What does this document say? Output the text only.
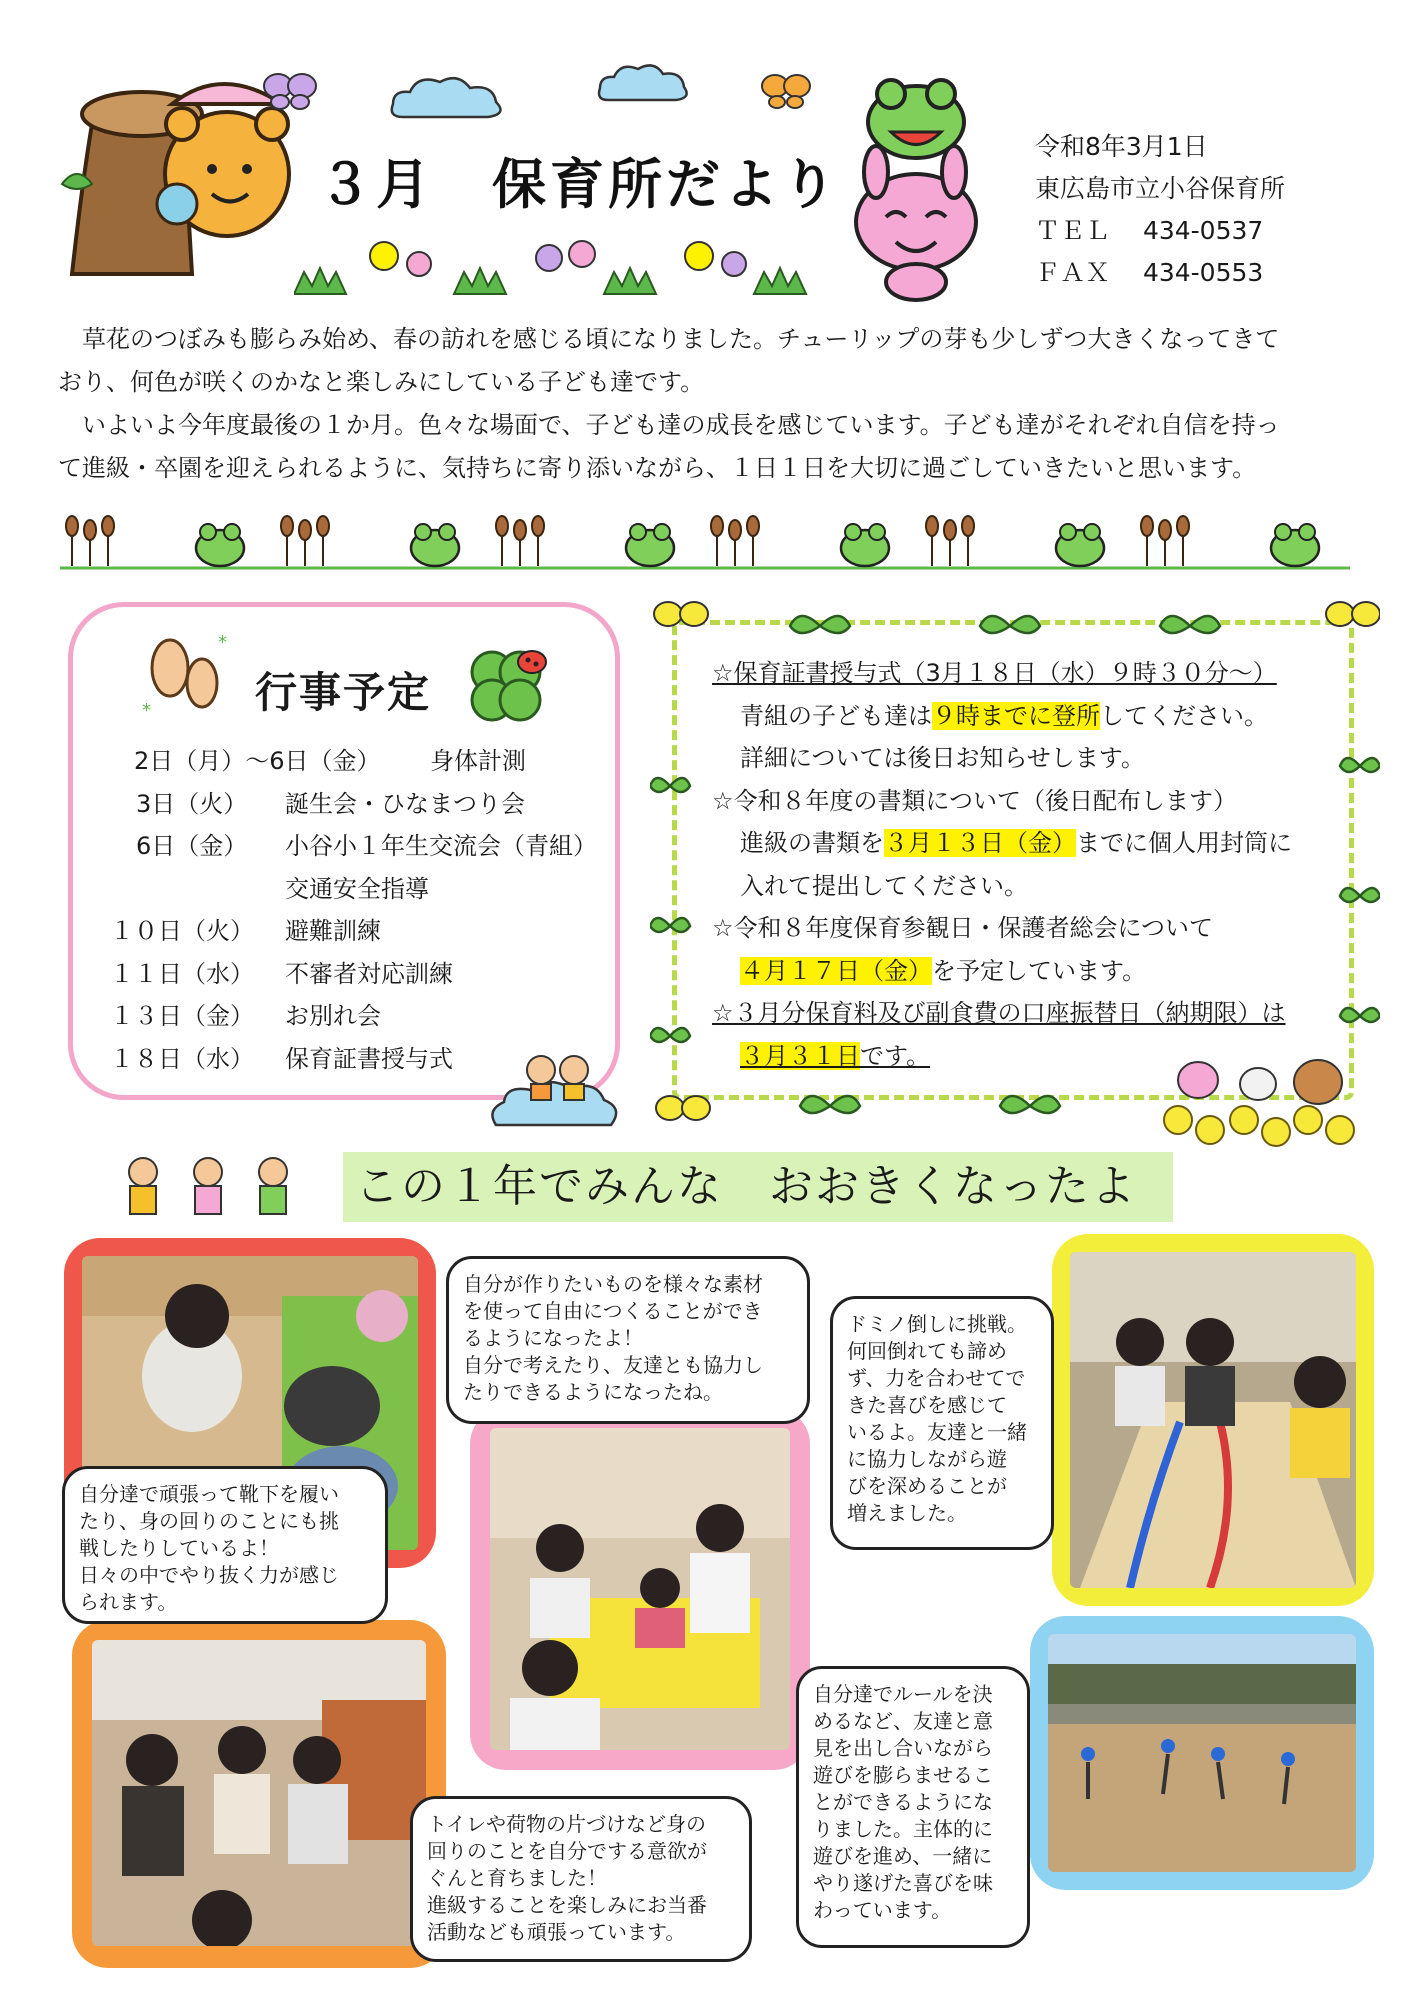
３月　保育所だより
令和8年3月1日
東広島市立小谷保育所
ＴＥＬ　 434-0537
ＦＡＸ　 434-0553

草花のつぼみも膨らみ始め、春の訪れを感じる頃になりました。チューリップの芽も少しずつ大きくなってきて

おり、何色が咲くのかなと楽しみにしている子ども達です。

いよいよ今年度最後の１か月。色々な場面で、子ども達の成長を感じています。子ども達がそれぞれ自信を持っ

て進級・卒園を迎えられるように、気持ちに寄り添いながら、１日１日を大切に過ごしていきたいと思います。
*
* 行事予定
2日（月）～6日（金）	身体計測
3日（火）	誕生会・ひなまつり会
6日（金）	小谷小１年生交流会（青組）
交通安全指導
１０日（火）	避難訓練
１１日（水）	不審者対応訓練
１３日（金）	お別れ会
１８日（水）	保育証書授与式
☆保育証書授与式（3月１８日（水）９時３０分～）
青組の子ども達は９時までに登所してください。
詳細については後日お知らせします。
☆令和８年度の書類について（後日配布します）
進級の書類を３月１３日（金）までに個人用封筒に
入れて提出してください。
☆令和８年度保育参観日・保護者総会について
４月１７日（金）を予定しています。
☆３月分保育料及び副食費の口座振替日（納期限）は
３月３１日です。
この１年でみんな　おおきくなったよ
自分達で頑張って靴下を履い
たり、身の回りのことにも挑
戦したりしているよ！
日々の中でやり抜く力が感じ
られます。
自分が作りたいものを様々な素材
を使って自由につくることができ
るようになったよ！
自分で考えたり、友達とも協力し
たりできるようになったね。
ドミノ倒しに挑戦。
何回倒れても諦め
ず、力を合わせてで
きた喜びを感じて
いるよ。友達と一緒
に協力しながら遊
びを深めることが
増えました。
トイレや荷物の片づけなど身の
回りのことを自分でする意欲が
ぐんと育ちました！
進級することを楽しみにお当番
活動なども頑張っています。
自分達でルールを決
めるなど、友達と意
見を出し合いながら
遊びを膨らませるこ
とができるようにな
りました。主体的に
遊びを進め、一緒に
やり遂げた喜びを味
わっています。
